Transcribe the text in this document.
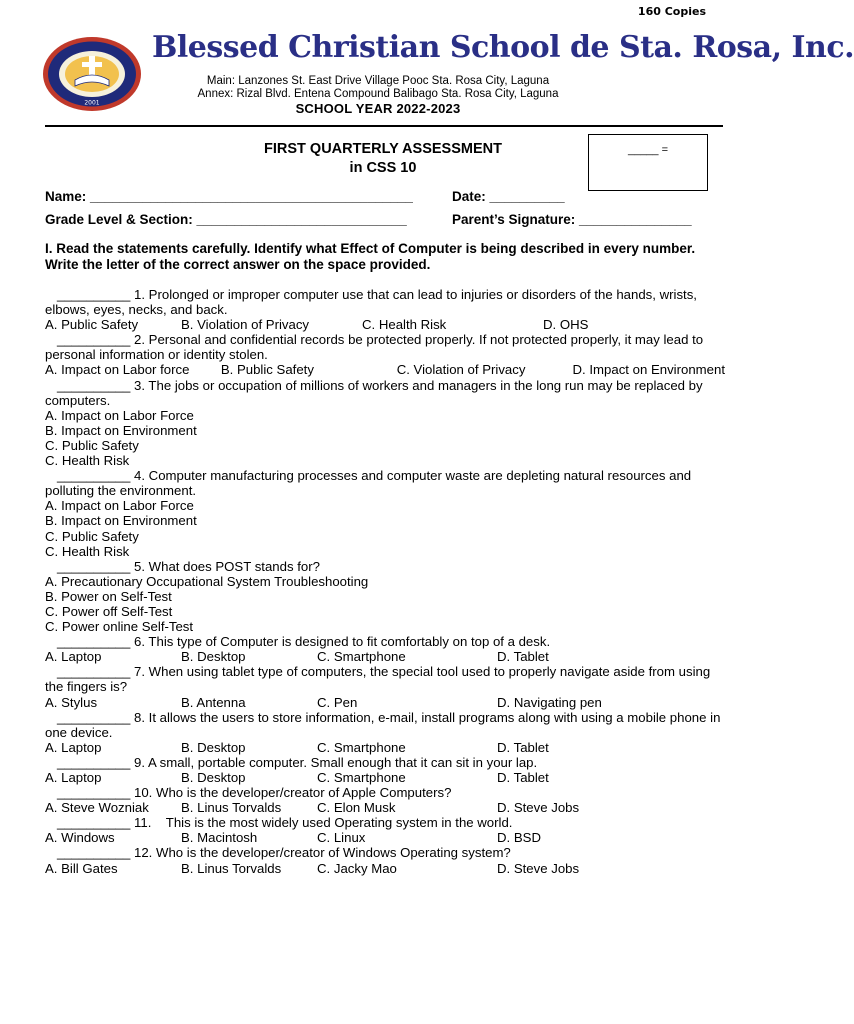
160 Copies
2001
Blessed Christian School de Sta. Rosa, Inc.
Main: Lanzones St. East Drive Village Pooc Sta. Rosa City, Laguna
Annex: Rizal Blvd. Entena Compound Balibago Sta. Rosa City, Laguna
SCHOOL YEAR 2022-2023
FIRST QUARTERLY ASSESSMENT
in CSS 10
_____ =
Name: ___________________________________________	Date: __________
Grade Level & Section: ____________________________	Parent’s Signature: _______________
I. Read the statements carefully. Identify what Effect of Computer is being described in every number. Write the letter of the correct answer on the space provided.
__________ 1. Prolonged or improper computer use that can lead to injuries or disorders of the hands, wrists, elbows, eyes, necks, and back.
A. Public Safety	B. Violation of Privacy	C. Health Risk	D. OHS
__________ 2. Personal and confidential records be protected properly. If not protected properly, it may lead to personal information or identity stolen.
A. Impact on Labor force	B. Public Safety	C. Violation of Privacy	D. Impact on Environment
__________ 3. The jobs or occupation of millions of workers and managers in the long run may be replaced by computers.
A. Impact on Labor Force
B. Impact on Environment
C. Public Safety
C. Health Risk
__________ 4. Computer manufacturing processes and computer waste are depleting natural resources and polluting the environment.
A. Impact on Labor Force
B. Impact on Environment
C. Public Safety
C. Health Risk
__________ 5. What does POST stands for?
A. Precautionary Occupational System Troubleshooting
B. Power on Self-Test
C. Power off Self-Test
C. Power online Self-Test
__________ 6. This type of Computer is designed to fit comfortably on top of a desk.
A. Laptop	B. Desktop	C. Smartphone	D. Tablet
__________ 7. When using tablet type of computers, the special tool used to properly navigate aside from using the fingers is?
A. Stylus	B. Antenna	C. Pen	D. Navigating pen
__________ 8. It allows the users to store information, e-mail, install programs along with using a mobile phone in one device.
A. Laptop	B. Desktop	C. Smartphone	D. Tablet
__________ 9. A small, portable computer. Small enough that it can sit in your lap.
A. Laptop	B. Desktop	C. Smartphone	D. Tablet
__________ 10. Who is the developer/creator of Apple Computers?
A. Steve Wozniak	B. Linus Torvalds	C. Elon Musk	D. Steve Jobs
__________ 11.    This is the most widely used Operating system in the world.
A. Windows	B. Macintosh	C. Linux	D. BSD
__________ 12. Who is the developer/creator of Windows Operating system?
A. Bill Gates	B. Linus Torvalds	C. Jacky Mao	D. Steve Jobs
